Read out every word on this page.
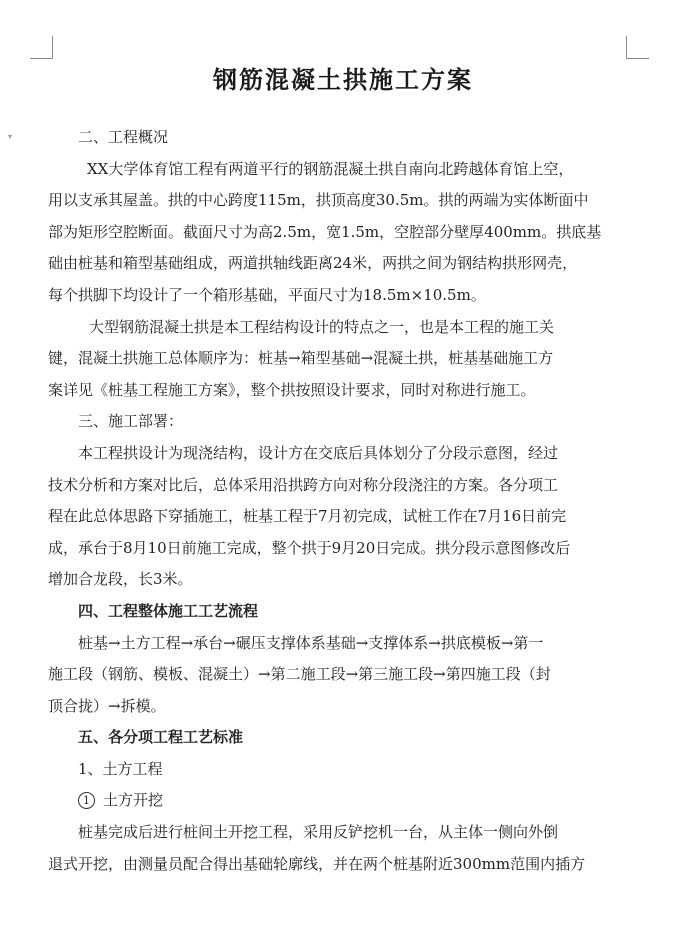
▾
钢筋混凝土拱施工方案
二、工程概况
XX大学体育馆工程有两道平行的钢筋混凝土拱自南向北跨越体育馆上空，
用以支承其屋盖。拱的中心跨度115m，拱顶高度30.5m。拱的两端为实体断面中
部为矩形空腔断面。截面尺寸为高2.5m，宽1.5m，空腔部分壁厚400mm。拱底基
础由桩基和箱型基础组成，两道拱轴线距离24米，两拱之间为钢结构拱形网壳，
每个拱脚下均设计了一个箱形基础，平面尺寸为18.5m×10.5m。
大型钢筋混凝土拱是本工程结构设计的特点之一，也是本工程的施工关
键，混凝土拱施工总体顺序为：桩基→箱型基础→混凝土拱，桩基基础施工方
案详见《桩基工程施工方案》，整个拱按照设计要求，同时对称进行施工。
三、施工部署：
本工程拱设计为现浇结构，设计方在交底后具体划分了分段示意图，经过
技术分析和方案对比后，总体采用沿拱跨方向对称分段浇注的方案。各分项工
程在此总体思路下穿插施工，桩基工程于7月初完成，试桩工作在7月16日前完
成，承台于8月10日前施工完成，整个拱于9月20日完成。拱分段示意图修改后
增加合龙段，长3米。
四、工程整体施工工艺流程
桩基→土方工程→承台→碾压支撑体系基础→支撑体系→拱底模板→第一
施工段（钢筋、模板、混凝土）→第二施工段→第三施工段→第四施工段（封
顶合拢）→拆模。
五、各分项工程工艺标准
1、土方工程
1 土方开挖
桩基完成后进行桩间土开挖工程，采用反铲挖机一台，从主体一侧向外倒
退式开挖，由测量员配合得出基础轮廓线，并在两个桩基附近300mm范围内插方
